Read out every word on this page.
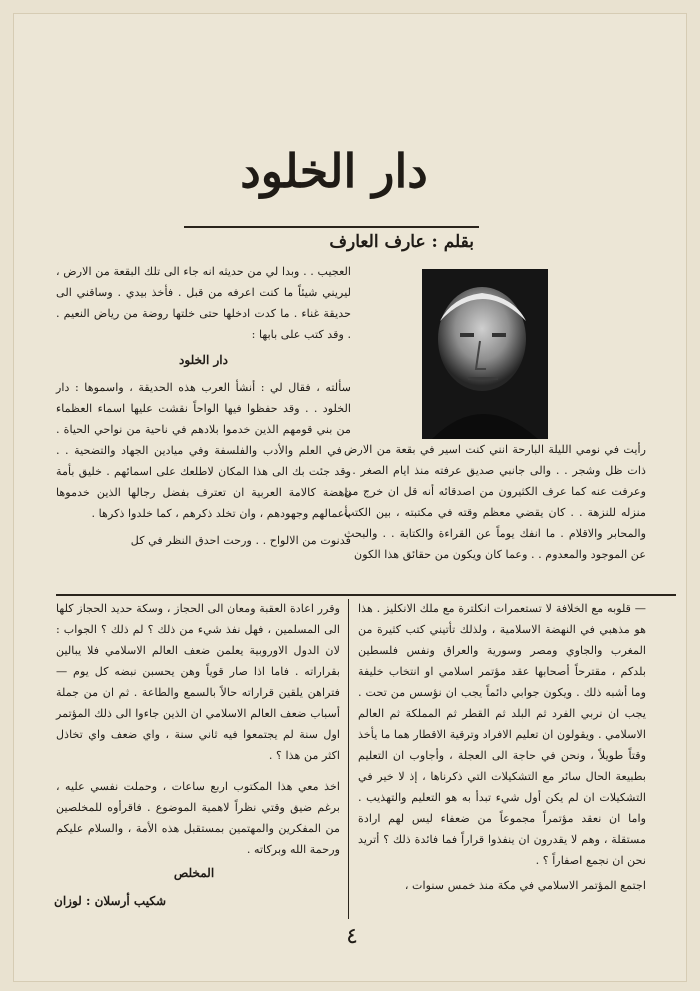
دار الخلود
بقلم : عارف العارف

رأيت في نومي الليلة البارحة انني كنت اسير في بقعة من الارض ذات ظل وشجر . . والى جانبي صديق عرفته منذ ايام الصغر . . وعرفت عنه كما عرف الكثيرون من اصدقائه أنه قل ان خرج من منزله للنزهة . . كان يقضي معظم وقته في مكتبته ، بين الكتب والمحابر والاقلام . ما انفك يوماً عن القراءة والكتابة . . والبحث عن الموجود والمعدوم . . وعما كان ويكون من حقائق هذا الكون

العجيب . . وبدا لي من حديثه انه جاء الى تلك البقعة من الارض ، ليريني شيئاً ما كنت اعرفه من قبل . فأخذ بيدي . وساقني الى حديقة غناء . ما كدت ادخلها حتى خلتها روضة من رياض النعيم . . وقد كتب على بابها :

دار الخلود

سألته ، فقال لي : أنشأ العرب هذه الحديقة ، واسموها : دار الخلود . . وقد حفظوا فيها الواحاً نقشت عليها اسماء العظماء من بني قومهم الذين خدموا بلادهم في ناحية من نواحي الحياة . . في العلم والأدب والفلسفة وفي ميادين الجهاد والتضحية . . وقد جئت بك الى هذا المكان لاطلعك على اسمائهم . خليق بأمة ناهضة كالامة العربية ان تعترف بفضل رجالها الذين خدموها بأعمالهم وجهودهم ، وان تخلد ذكرهم ، كما خلدوا ذكرها .

فدنوت من الالواح . . ورحت احدق النظر في كل

— قلوبه مع الخلافة لا تستعمرات انكلترة مع ملك الانكليز . هذا هو مذهبي في النهضة الاسلامية ، ولذلك تأتيني كتب كثيرة من المغرب والجاوي ومصر وسورية والعراق ونفس فلسطين بلدكم ، مقترحاً أصحابها عقد مؤتمر اسلامي او انتخاب خليفة وما أشبه ذلك . ويكون جوابي دائماً يجب ان نؤسس من تحت . يجب ان نربي الفرد ثم البلد ثم القطر ثم المملكة ثم العالم الاسلامي . ويقولون ان تعليم الافراد وترقية الاقطار هما ما يأخذ وقتاً طويلاً ، ونحن في حاجة الى العجلة ، وأجاوب ان التعليم بطبيعة الحال سائر مع التشكيلات التي ذكرناها ، إذ لا خير في التشكيلات ان لم يكن أول شيء تبدأ به هو التعليم والتهذيب . واما ان نعقد مؤتمراً مجموعاً من ضعفاء ليس لهم ارادة مستقلة ، وهم لا يقدرون ان ينفذوا قراراً فما فائدة ذلك ؟ أتريد نحن ان نجمع اصفاراً ؟ .

اجتمع المؤتمر الاسلامي في مكة منذ خمس سنوات ،

وقرر اعادة العقبة ومعان الى الحجاز ، وسكة حديد الحجاز كلها الى المسلمين ، فهل نفذ شيء من ذلك ؟ لم ذلك ؟ الجواب : لان الدول الاوروبية يعلمن ضعف العالم الاسلامي فلا يبالين بقراراته . فاما اذا صار قوياً وهن يحسبن نبضه كل يوم — فتراهن يلقين قراراته حالاً بالسمع والطاعة . ثم ان من جملة أسباب ضعف العالم الاسلامي ان الذين جاءوا الى ذلك المؤتمر اول سنة لم يجتمعوا فيه ثاني سنة ، واي ضعف واي تخاذل اكثر من هذا ؟ .

اخذ معي هذا المكتوب اربع ساعات ، وحملت نفسي عليه ، برغم ضيق وقتي نظراً لاهمية الموضوع . فاقرأوه للمخلصين من المفكرين والمهتمين بمستقبل هذه الأمة ، والسلام عليكم ورحمة الله وبركاته .

المخلص
شكيب أرسلان : لوزان
٤
